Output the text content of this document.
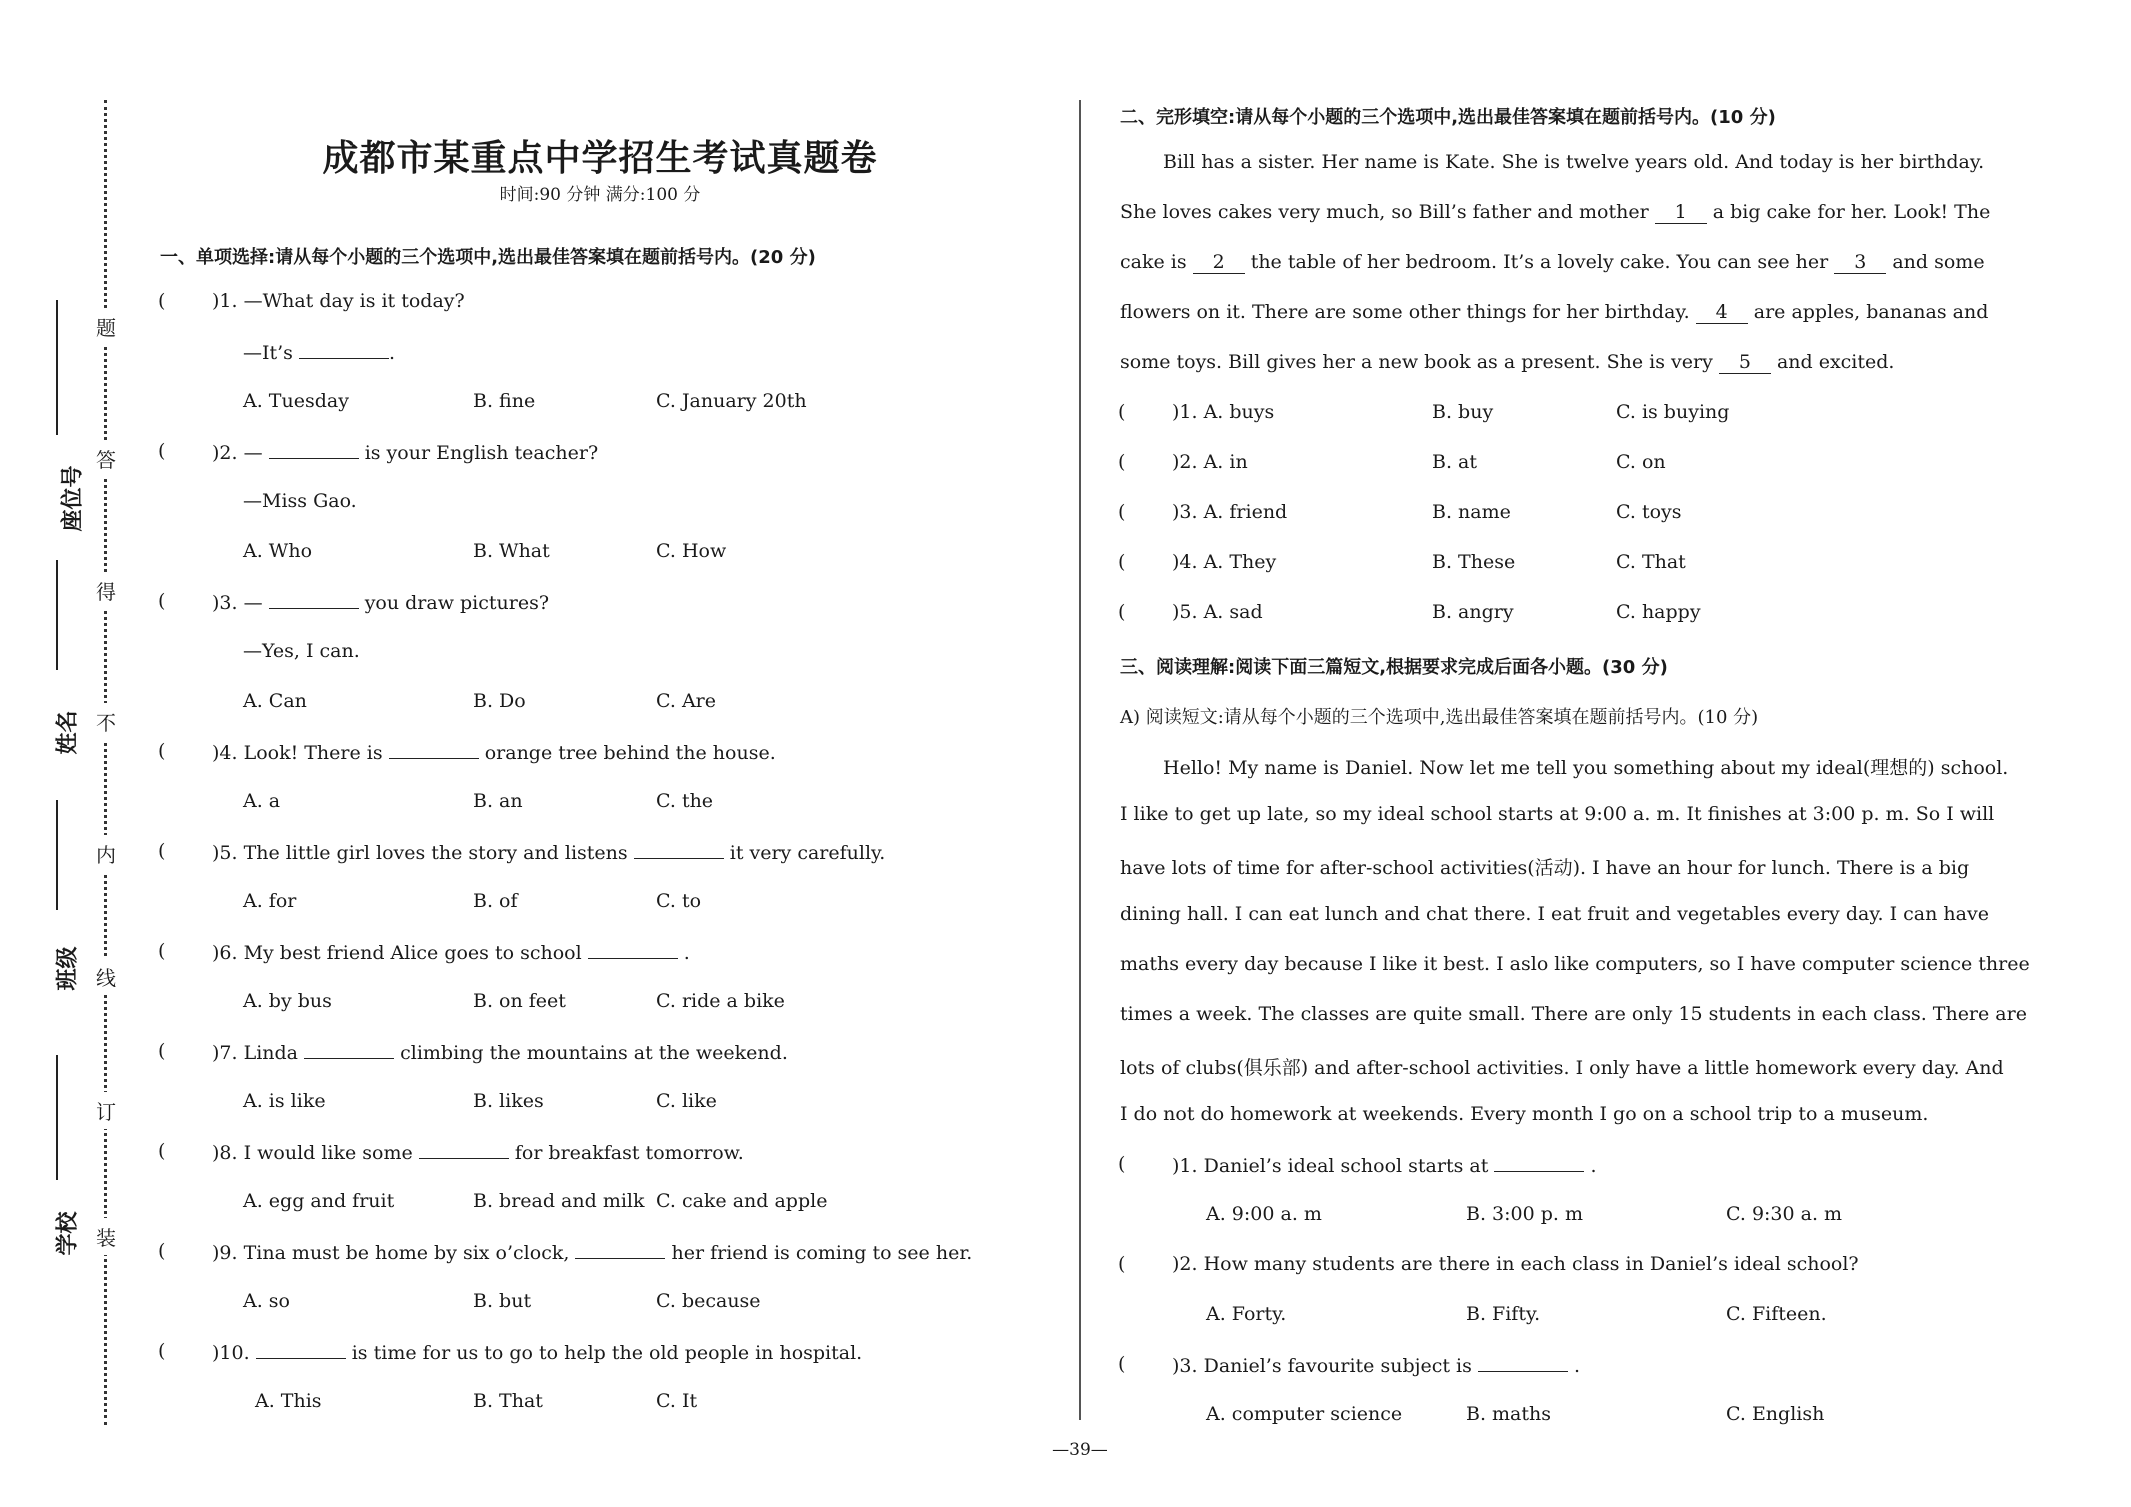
座位号
姓名
班级
学校
题
答
得
不
内
线
订
装
成都市某重点中学招生考试真题卷
时间:90 分钟 满分:100 分
一、单项选择:请从每个小题的三个选项中,选出最佳答案填在题前括号内。(20 分)
( )1. —What day is it today?
—It’s	.
A. Tuesday	B. fine	C. January 20th
( )2. —	is your English teacher?
—Miss Gao.
A. Who	B. What	C. How
( )3. —	you draw pictures?
—Yes, I can.
A. Can	B. Do	C. Are
( )4. Look! There is	orange tree behind the house.
A. a	B. an	C. the
( )5. The little girl loves the story and listens	it very carefully.
A. for	B. of	C. to
( )6. My best friend Alice goes to school	.
A. by bus	B. on feet	C. ride a bike
( )7. Linda	climbing the mountains at the weekend.
A. is like	B. likes	C. like
( )8. I would like some	for breakfast tomorrow.
A. egg and fruit	B. bread and milk C. cake and apple
( )9. Tina must be home by six o’clock,	her friend is coming to see her.
A. so	B. but	C. because
( )10.	is time for us to go to help the old people in hospital.
A. This	B. That	C. It
二、完形填空:请从每个小题的三个选项中,选出最佳答案填在题前括号内。(10 分)
Bill has a sister. Her name is Kate. She is twelve years old. And today is her birthday.
She loves cakes very much, so Bill’s father and mother 1 a big cake for her. Look! The
cake is 2 the table of her bedroom. It’s a lovely cake. You can see her 3 and some
flowers on it. There are some other things for her birthday. 4 are apples, bananas and
some toys. Bill gives her a new book as a present. She is very 5 and excited.
( )1. A. buys	B. buy	C. is buying
( )2. A. in	B. at	C. on
( )3. A. friend	B. name	C. toys
( )4. A. They	B. These	C. That
( )5. A. sad	B. angry	C. happy
三、阅读理解:阅读下面三篇短文,根据要求完成后面各小题。(30 分)
A) 阅读短文:请从每个小题的三个选项中,选出最佳答案填在题前括号内。(10 分)
Hello! My name is Daniel. Now let me tell you something about my ideal(理想的) school.
I like to get up late, so my ideal school starts at 9:00 a. m. It finishes at 3:00 p. m. So I will
have lots of time for after-school activities(活动). I have an hour for lunch. There is a big
dining hall. I can eat lunch and chat there. I eat fruit and vegetables every day. I can have
maths every day because I like it best. I aslo like computers, so I have computer science three
times a week. The classes are quite small. There are only 15 students in each class. There are
lots of clubs(俱乐部) and after-school activities. I only have a little homework every day. And
I do not do homework at weekends. Every month I go on a school trip to a museum.
( )1. Daniel’s ideal school starts at	.
A. 9:00 a. m	B. 3:00 p. m	C. 9:30 a. m
( )2. How many students are there in each class in Daniel’s ideal school?
A. Forty.	B. Fifty.	C. Fifteen.
( )3. Daniel’s favourite subject is	.
A. computer science	B. maths	C. English
—39—
